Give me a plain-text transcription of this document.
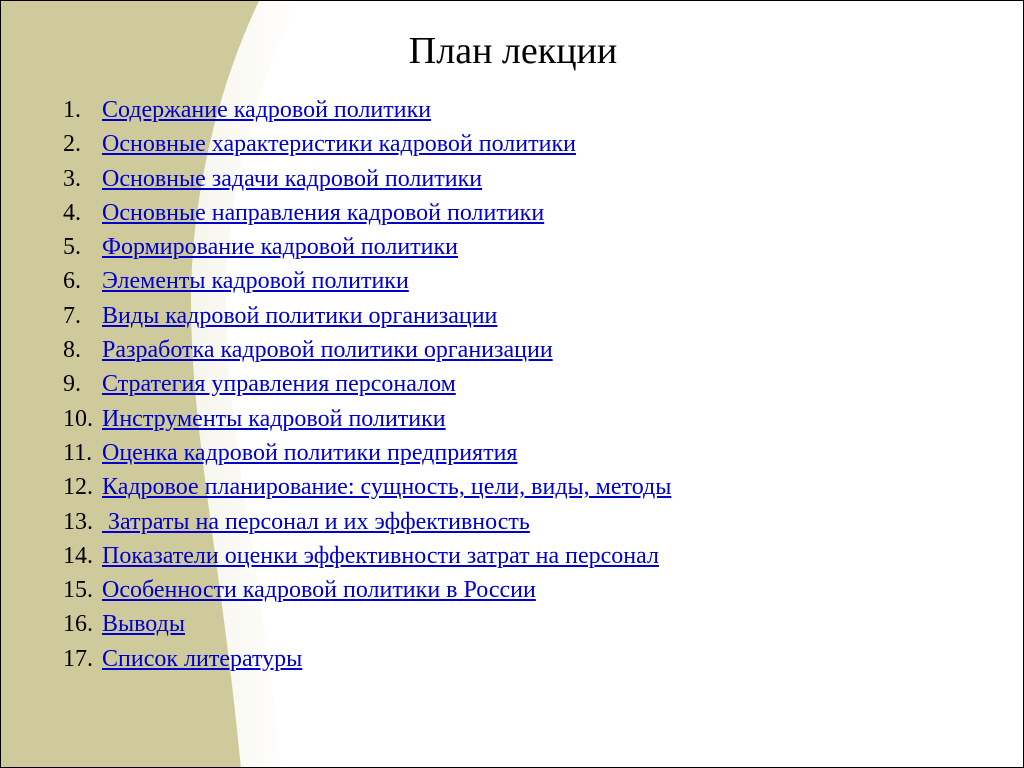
План лекции
1. Содержание кадровой политики
2. Основные характеристики кадровой политики
3. Основные задачи кадровой политики
4. Основные направления кадровой политики
5. Формирование кадровой политики
6. Элементы кадровой политики
7. Виды кадровой политики организации
8. Разработка кадровой политики организации
9. Стратегия управления персоналом
10. Инструменты кадровой политики
11. Оценка кадровой политики предприятия
12. Кадровое планирование: сущность, цели, виды, методы
13. Затраты на персонал и их эффективность
14. Показатели оценки эффективности затрат на персонал
15. Особенности кадровой политики в России
16. Выводы
17. Список литературы
